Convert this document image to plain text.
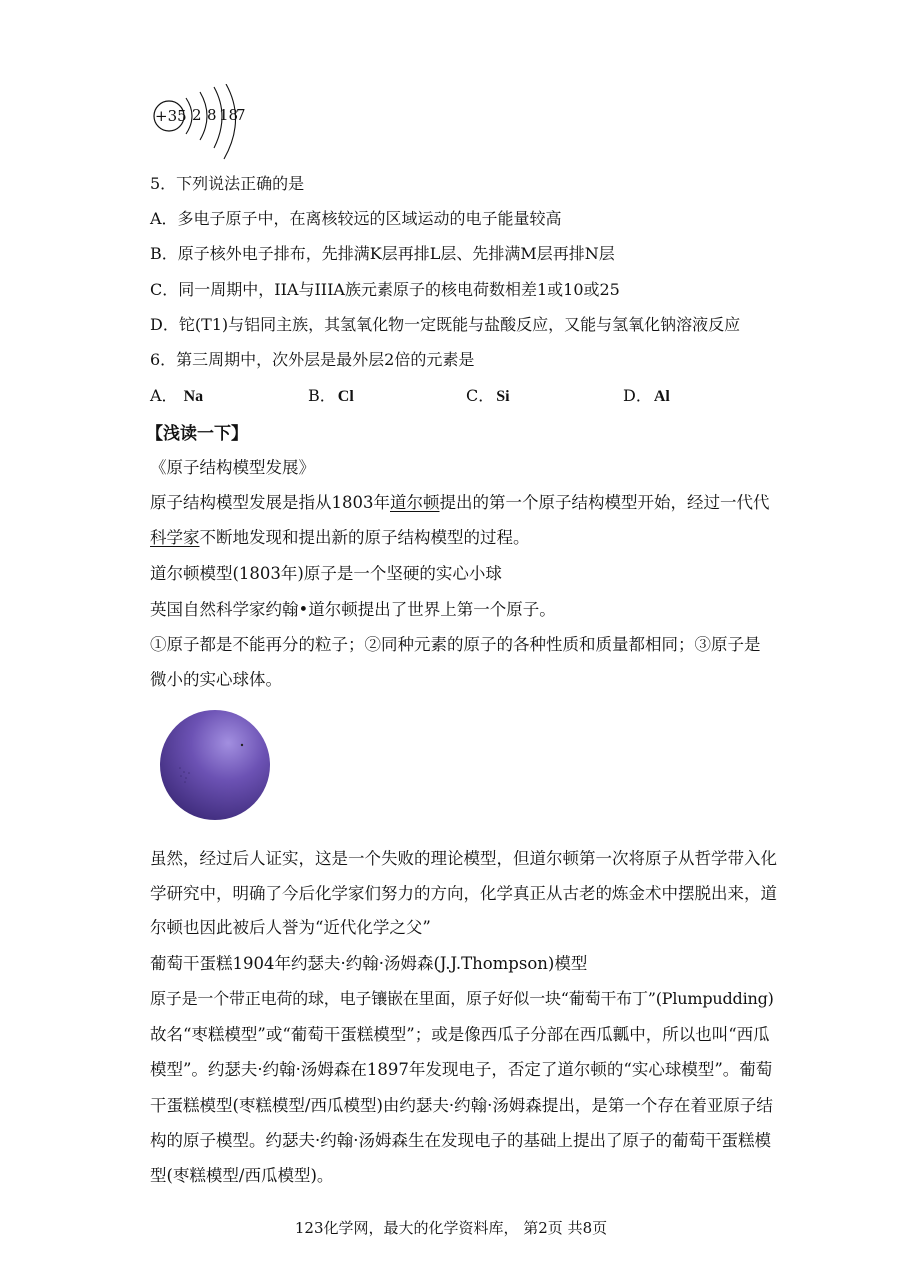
+35 2 8 18
7
5．下列说法正确的是
A．多电子原子中，在离核较远的区域运动的电子能量较高
B．原子核外电子排布，先排满K层再排L层、先排满M层再排N层
C．同一周期中，IIA与IIIA族元素原子的核电荷数相差1或10或25
D．铊(T1)与铝同主族，其氢氧化物一定既能与盐酸反应，又能与氢氧化钠溶液反应
6．第三周期中，次外层是最外层2倍的元素是
A． Na	B． Cl	C． Si	D． Al
【浅读一下】
《原子结构模型发展》
原子结构模型发展是指从1803年道尔顿提出的第一个原子结构模型开始，经过一代代
科学家不断地发现和提出新的原子结构模型的过程。
道尔顿模型(1803年)原子是一个坚硬的实心小球
英国自然科学家约翰•道尔顿提出了世界上第一个原子。
①原子都是不能再分的粒子；②同种元素的原子的各种性质和质量都相同；③原子是
微小的实心球体。
虽然，经过后人证实，这是一个失败的理论模型，但道尔顿第一次将原子从哲学带入化
学研究中，明确了今后化学家们努力的方向，化学真正从古老的炼金术中摆脱出来，道
尔顿也因此被后人誉为“近代化学之父”
葡萄干蛋糕1904年约瑟夫·约翰·汤姆森(J.J.Thompson)模型
原子是一个带正电荷的球，电子镶嵌在里面，原子好似一块“葡萄干布丁”(Plumpudding)
故名“枣糕模型”或“葡萄干蛋糕模型”；或是像西瓜子分部在西瓜瓤中，所以也叫“西瓜
模型”。约瑟夫·约翰·汤姆森在1897年发现电子，否定了道尔顿的“实心球模型”。葡萄
干蛋糕模型(枣糕模型/西瓜模型)由约瑟夫·约翰·汤姆森提出，是第一个存在着亚原子结
构的原子模型。约瑟夫·约翰·汤姆森生在发现电子的基础上提出了原子的葡萄干蛋糕模
型(枣糕模型/西瓜模型)。
123化学网，最大的化学资料库， 第2页 共8页
